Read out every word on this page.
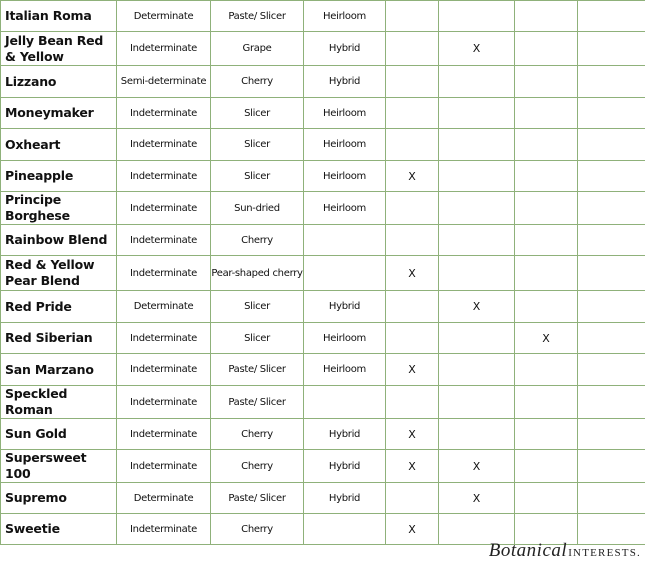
Italian Roma	Determinate	Paste/ Slicer	Heirloom				
Jelly Bean Red & Yellow	Indeterminate	Grape	Hybrid		X		
Lizzano	Semi-determinate	Cherry	Hybrid				
Moneymaker	Indeterminate	Slicer	Heirloom				
Oxheart	Indeterminate	Slicer	Heirloom				
Pineapple	Indeterminate	Slicer	Heirloom	X			
Principe Borghese	Indeterminate	Sun-dried	Heirloom				
Rainbow Blend	Indeterminate	Cherry					
Red & Yellow Pear Blend	Indeterminate	Pear-shaped cherry		X			
Red Pride	Determinate	Slicer	Hybrid		X		
Red Siberian	Indeterminate	Slicer	Heirloom			X	
San Marzano	Indeterminate	Paste/ Slicer	Heirloom	X			
Speckled Roman	Indeterminate	Paste/ Slicer					
Sun Gold	Indeterminate	Cherry	Hybrid	X			
Supersweet 100	Indeterminate	Cherry	Hybrid	X	X		
Supremo	Determinate	Paste/ Slicer	Hybrid		X		
Sweetie	Indeterminate	Cherry		X			
BotanicalINTERESTS.
